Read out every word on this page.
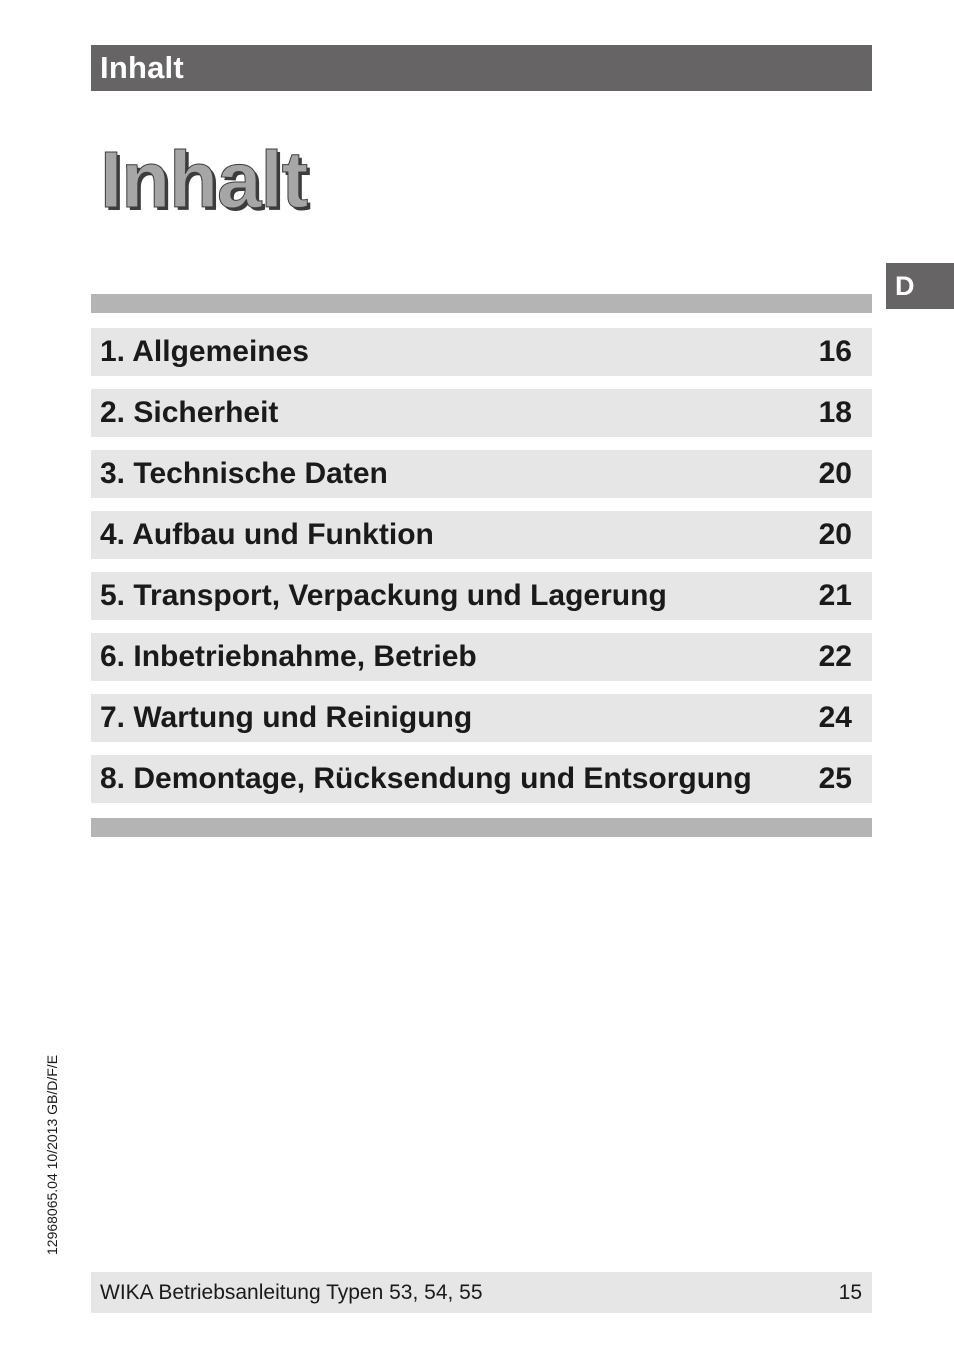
Inhalt
Inhalt
D
1. Allgemeines	16
2. Sicherheit	18
3. Technische Daten	20
4. Aufbau und Funktion	20
5. Transport, Verpackung und Lagerung	21
6. Inbetriebnahme, Betrieb	22
7. Wartung und Reinigung	24
8. Demontage, Rücksendung und Entsorgung 25
12968065.04 10/2013 GB/D/F/E
WIKA Betriebsanleitung Typen 53, 54, 55	15
